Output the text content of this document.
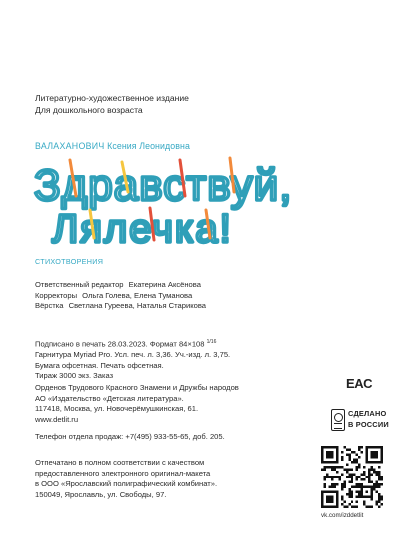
Литературно-художественное издание
Для дошкольного возраста
ВАЛАХАНОВИЧ Ксения Леонидовна
Здравствуй,
Лялечка!
СТИХОТВОРЕНИЯ
Ответственный редактор Екатерина Аксёнова
Корректоры Ольга Голева, Елена Туманова
Вёрстка Светлана Гуреева, Наталья Старикова
Подписано в печать 28.03.2023. Формат 84×108 $^{1/16}$
Гарнитура Myriad Pro. Усл. печ. л. 3,36. Уч.-изд. л. 3,75.
Бумага офсетная. Печать офсетная.
Тираж 3000 экз. Заказ
Орденов Трудового Красного Знамени и Дружбы народов
АО «Издательство «Детская литература».
117418, Москва, ул. Новочерёмушкинская, 61.
www.detlit.ru
Телефон отдела продаж: +7(495) 933-55-65, доб. 205.
Отпечатано в полном соответствии с качеством
предоставленного электронного оригинал-макета
в ООО «Ярославский полиграфический комбинат».
150049, Ярославль, ул. Свободы, 97.
EAC
СДЕЛАНО
В РОССИИ
vk.com/izddetlit
